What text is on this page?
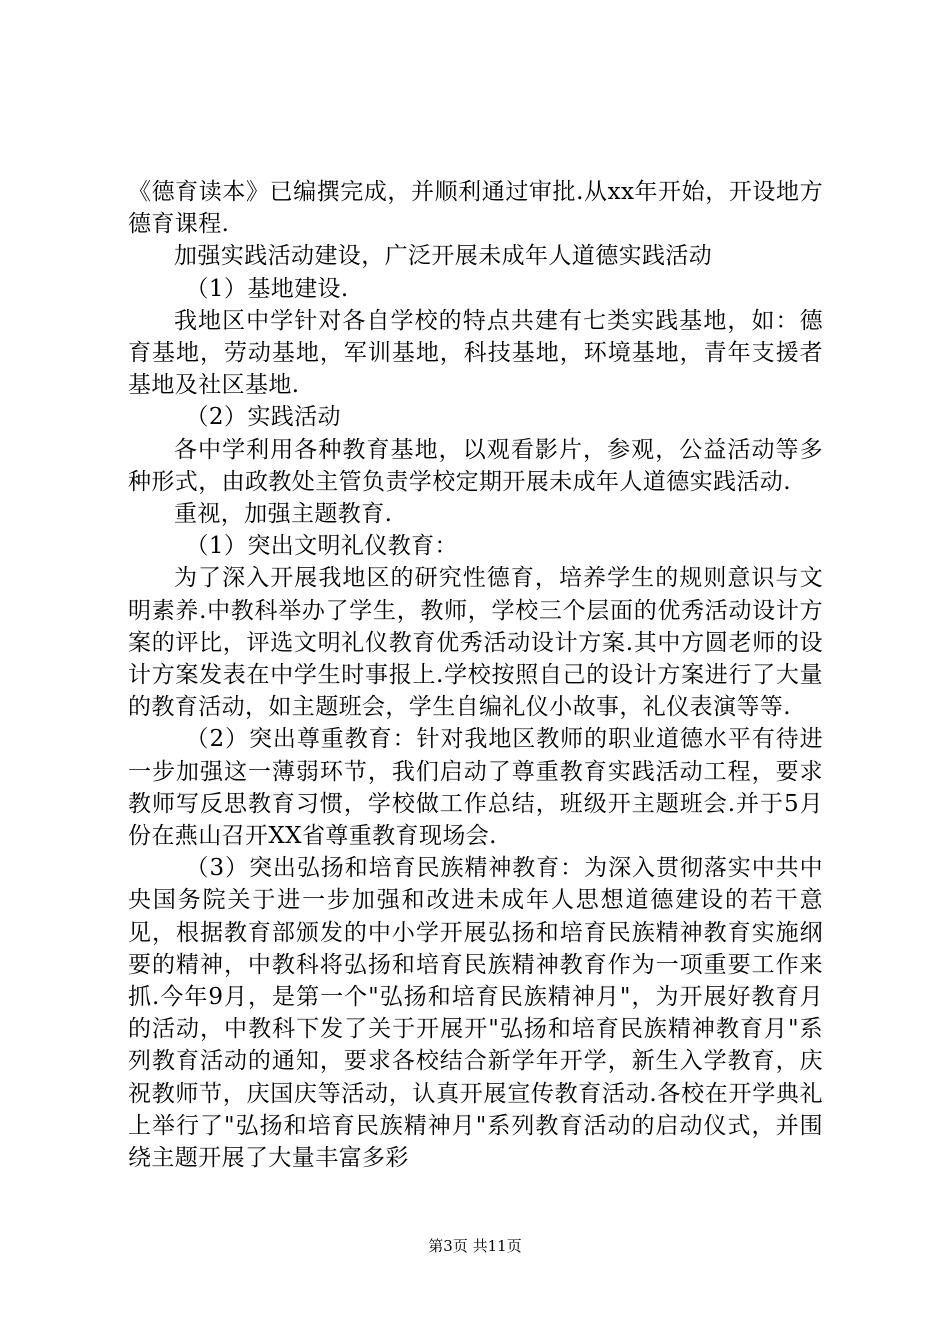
《德育读本》已编撰完成，并顺利通过审批.从xx年开始，开设地方德育课程.

加强实践活动建设，广泛开展未成年人道德实践活动

（1）基地建设.

我地区中学针对各自学校的特点共建有七类实践基地，如：德育基地，劳动基地，军训基地，科技基地，环境基地，青年支援者基地及社区基地.

（2）实践活动

各中学利用各种教育基地，以观看影片，参观，公益活动等多种形式，由政教处主管负责学校定期开展未成年人道德实践活动.

重视，加强主题教育.

（1）突出文明礼仪教育：

为了深入开展我地区的研究性德育，培养学生的规则意识与文明素养.中教科举办了学生，教师，学校三个层面的优秀活动设计方案的评比，评选文明礼仪教育优秀活动设计方案.其中方圆老师的设计方案发表在中学生时事报上.学校按照自己的设计方案进行了大量的教育活动，如主题班会，学生自编礼仪小故事，礼仪表演等等.

（2）突出尊重教育：针对我地区教师的职业道德水平有待进一步加强这一薄弱环节，我们启动了尊重教育实践活动工程，要求教师写反思教育习惯，学校做工作总结，班级开主题班会.并于5月份在燕山召开XX省尊重教育现场会.

（3）突出弘扬和培育民族精神教育：为深入贯彻落实中共中央国务院关于进一步加强和改进未成年人思想道德建设的若干意见，根据教育部颁发的中小学开展弘扬和培育民族精神教育实施纲要的精神，中教科将弘扬和培育民族精神教育作为一项重要工作来抓.今年9月，是第一个"弘扬和培育民族精神月"，为开展好教育月的活动，中教科下发了关于开展开"弘扬和培育民族精神教育月"系列教育活动的通知，要求各校结合新学年开学，新生入学教育，庆祝教师节，庆国庆等活动，认真开展宣传教育活动.各校在开学典礼上举行了"弘扬和培育民族精神月"系列教育活动的启动仪式，并围绕主题开展了大量丰富多彩

第3页 共11页
